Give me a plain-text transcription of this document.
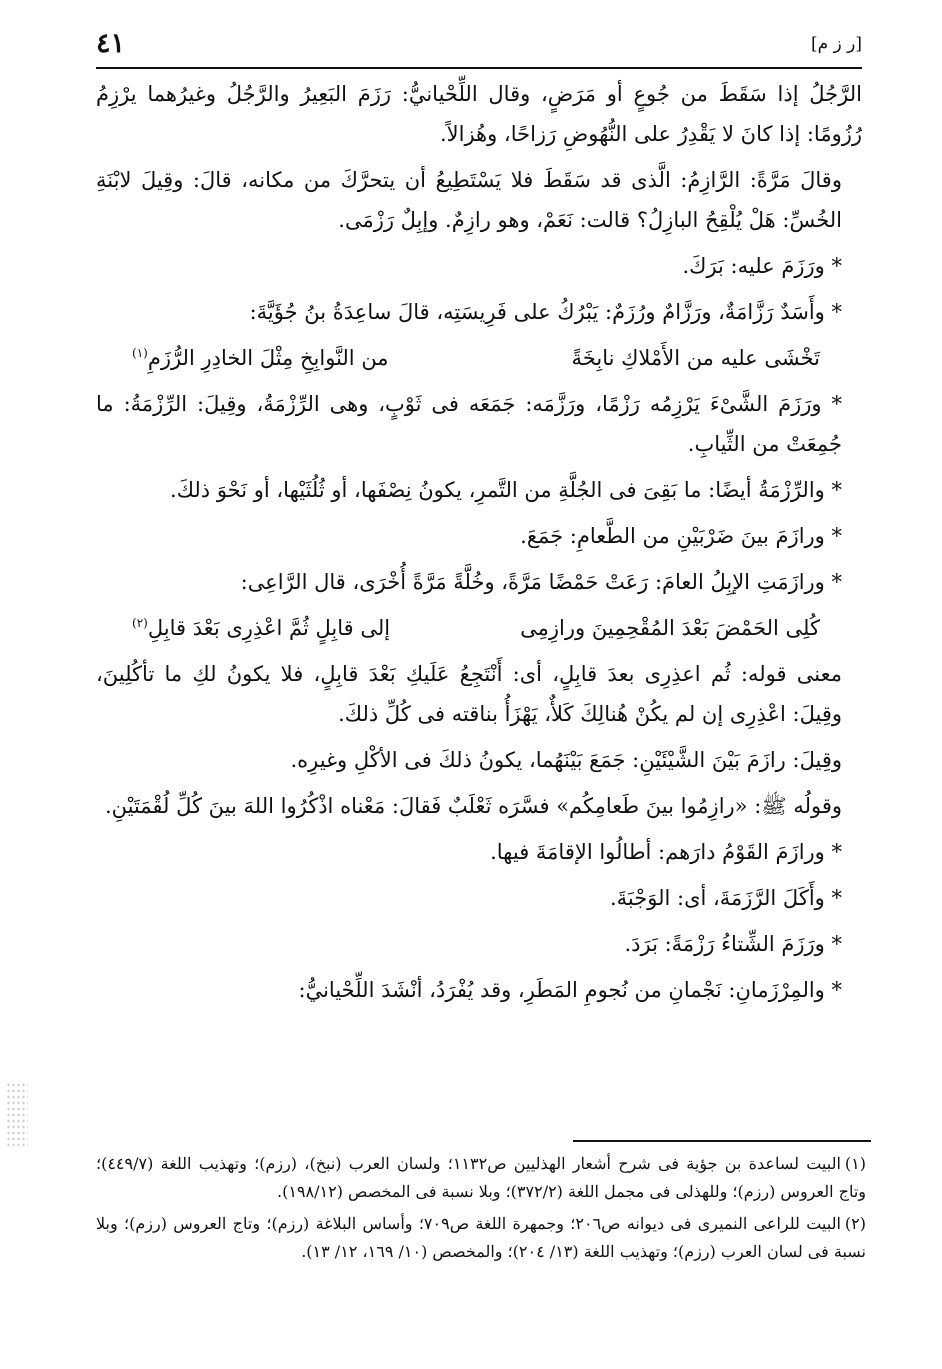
٤١	[ر ز م]

الرَّجُلُ إذا سَقَطَ من جُوعٍ أو مَرَضٍ، وقال اللِّحْيانيُّ: رَزَمَ البَعِيرُ والرَّجُلُ وغيرُهما يرْزِمُ رُزُومًا: إذا كانَ لا يَقْدِرُ على النُّهُوضِ رَزاحًا، وهُزالاً.

وقالَ مَرَّةً: الرَّازِمُ: الَّذى قد سَقَطَ فلا يَسْتَطِيعُ أن يتحرَّكَ من مكانه، قالَ: وقِيلَ لابْنَةِ الخُسِّ: هَلْ يُلْقِحُ البازِلُ؟ قالت: نَعَمْ، وهو رازِمٌ. وإبِلٌ رَزْمَى.

* ورَزَمَ عليه: بَرَكَ.

* وأَسَدٌ رَزَّامَةٌ، ورَزَّامٌ ورُزَمٌ: يَبْرُكُ على فَرِيسَتِه، قالَ ساعِدَةُ بنُ جُؤَيَّةَ:

تَخْشَى عليه من الأَمْلاكِ نابِخَةً
من النَّوابِخِ مِثْلَ الخادِرِ الرُّزَمِ$^{(١)}$

* ورَزَمَ الشَّىْءَ يَرْزِمُه رَزْمًا، ورَزَّمَه: جَمَعَه فى ثَوْبٍ، وهى الرِّزْمَةُ، وقِيلَ: الرِّزْمَةُ: ما جُمِعَتْ من الثِّيابِ.

* والرِّزْمَةُ أيضًا: ما بَقِىَ فى الجُلَّةِ من التَّمرِ، يكونُ نِصْفَها، أو ثُلُثَيْها، أو نَحْوَ ذلكَ.

* ورازَمَ بينَ ضَرْبَيْنِ من الطَّعامِ: جَمَعَ.

* ورازَمَتِ الإبِلُ العامَ: رَعَتْ حَمْضًا مَرَّةً، وخُلَّةً مَرَّةً أُخْرَى، قال الرَّاعِى:

كُلِى الحَمْضَ بَعْدَ المُقْحِمِينَ ورازِمِى
إلى قابِلٍ ثُمَّ اعْذِرِى بَعْدَ قابِلِ$^{(٢)}$

معنى قوله: ثُم اعذِرِى بعدَ قابِلٍ، أى: أَنْتَجِعُ عَلَيكِ بَعْدَ قابِلٍ، فلا يكونُ لكِ ما تأكُلِينَ، وقِيلَ: اعْذِرِى إن لم يكُنْ هُنالِكَ كَلأٌ، يَهْزَأُ بناقته فى كُلِّ ذلكَ.

وقِيلَ: رازَمَ بَيْنَ الشَّيْئَيْنِ: جَمَعَ بَيْنَهُما، يكونُ ذلكَ فى الأكْلِ وغيرِه.

وقولُه ﷺ: «رازِمُوا بينَ طَعامِكُم» فسَّرَه ثَعْلَبٌ فَقالَ: مَعْناه اذْكُرُوا اللهَ بينَ كُلِّ لُقْمَتَيْنِ.

* ورازَمَ القَوْمُ دارَهم: أطالُوا الإقامَةَ فيها.

* وأَكَلَ الرَّزَمَةَ، أى: الوَجْبَةَ.

* ورَزَمَ الشِّتاءُ رَزْمَةً: بَرَدَ.

* والمِرْزَمانِ: نَجْمانِ من نُجومِ المَطَرِ، وقد يُفْرَدُ، أنْشَدَ اللِّحْيانيُّ:

(١)البيت لساعدة بن جؤية فى شرح أشعار الهذليين ص١١٣٢؛ ولسان العرب (نبخ)، (رزم)؛ وتهذيب اللغة (٤٤٩/٧)؛ وتاج العروس (رزم)؛ وللهذلى فى مجمل اللغة (٣٧٢/٢)؛ وبلا نسبة فى المخصص (١٩٨/١٢).

(٢)البيت للراعى النميرى فى ديوانه ص٢٠٦؛ وجمهرة اللغة ص٧٠٩؛ وأساس البلاغة (رزم)؛ وتاج العروس (رزم)؛ وبلا نسبة فى لسان العرب (رزم)؛ وتهذيب اللغة (١٣/ ٢٠٤)؛ والمخصص (١٠/ ١٦٩، ١٢/ ١٣).
